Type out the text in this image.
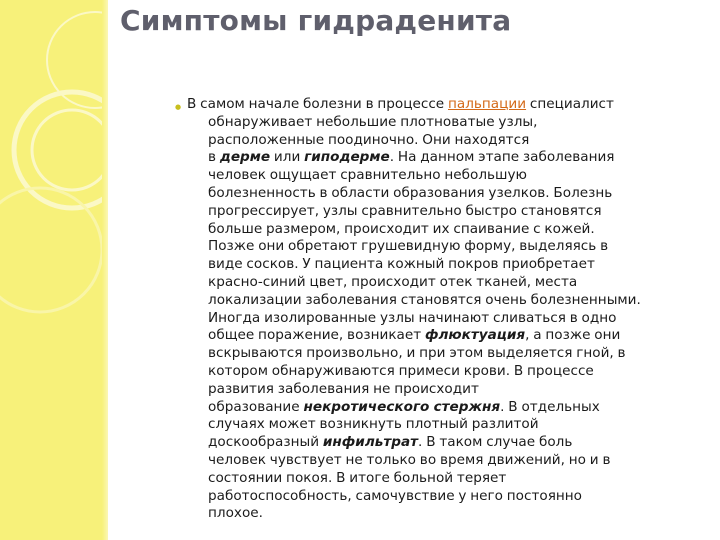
Симптомы гидраденита
● В самом начале болезни в процессе пальпации специалист
обнаруживает небольшие плотноватые узлы,
расположенные поодиночно. Они находятся
в дерме или гиподерме. На данном этапе заболевания
человек ощущает сравнительно небольшую
болезненность в области образования узелков. Болезнь
прогрессирует, узлы сравнительно быстро становятся
больше размером, происходит их спаивание с кожей.
Позже они обретают грушевидную форму, выделяясь в
виде сосков. У пациента кожный покров приобретает
красно-синий цвет, происходит отек тканей, места
локализации заболевания становятся очень болезненными.
Иногда изолированные узлы начинают сливаться в одно
общее поражение, возникает флюктуация, а позже они
вскрываются произвольно, и при этом выделяется гной, в
котором обнаруживаются примеси крови. В процессе
развития заболевания не происходит
образование некротического стержня. В отдельных
случаях может возникнуть плотный разлитой
доскообразный инфильтрат. В таком случае боль
человек чувствует не только во время движений, но и в
состоянии покоя. В итоге больной теряет
работоспособность, самочувствие у него постоянно
плохое.
